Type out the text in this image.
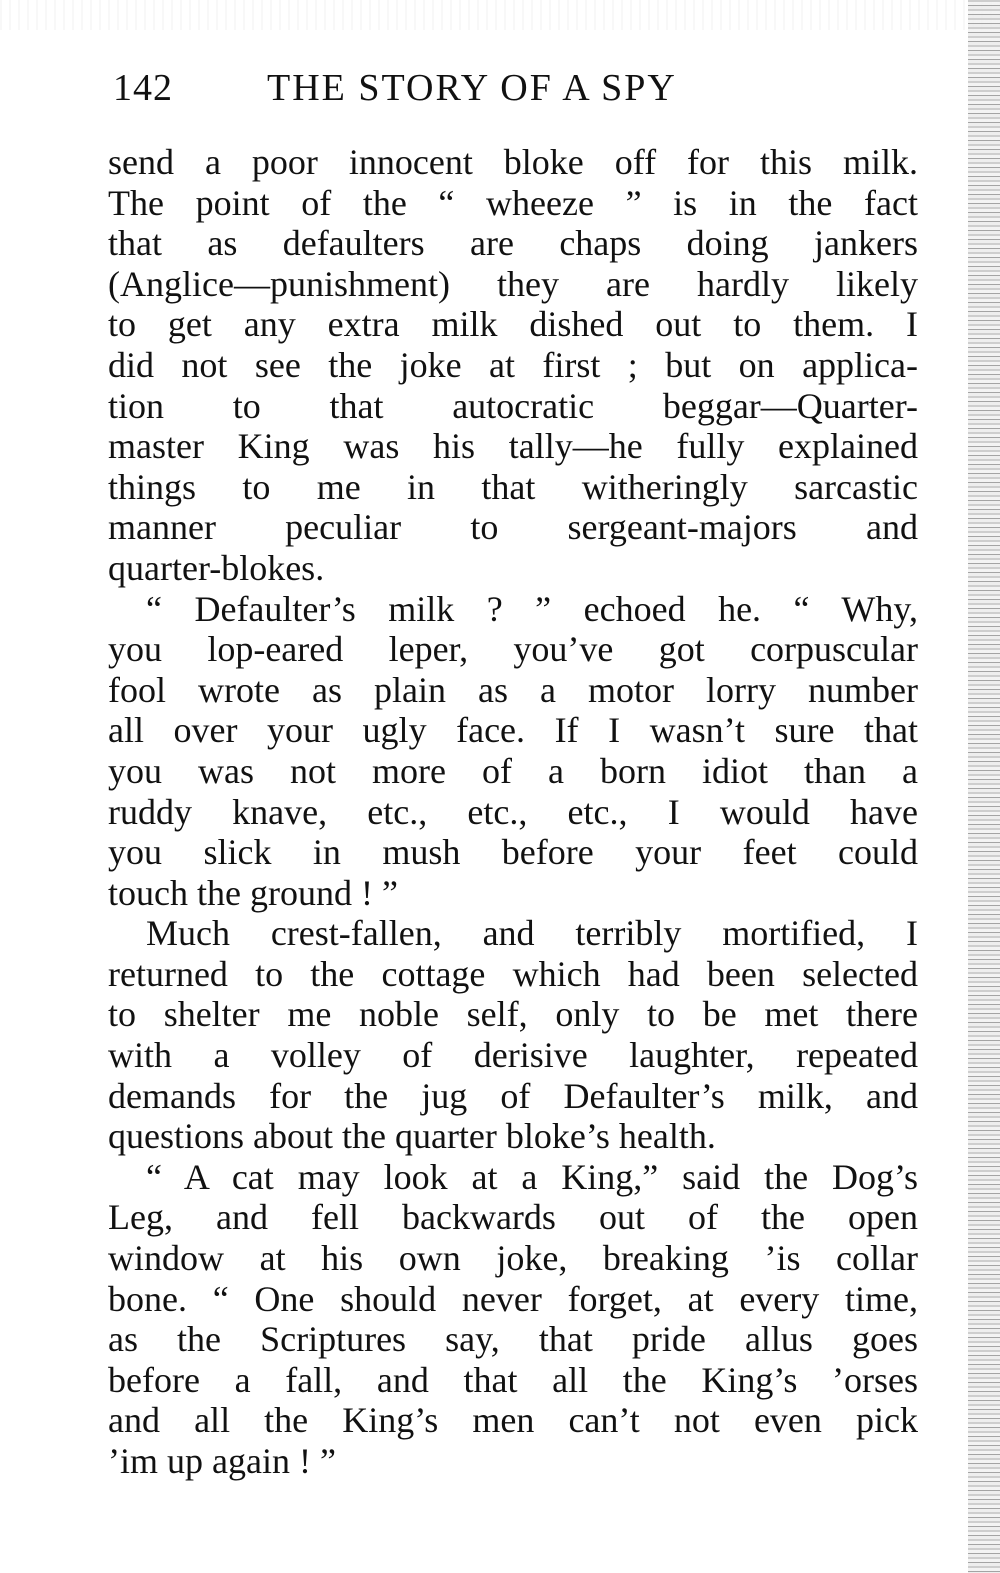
142 THE STORY OF A SPY
send a poor innocent bloke off for this milk.
The point of the “ wheeze ” is in the fact
that as defaulters are chaps doing jankers
(Anglice—punishment) they are hardly likely
to get any extra milk dished out to them. I
did not see the joke at first ; but on applica-
tion to that autocratic beggar—Quarter-
master King was his tally—he fully explained
things to me in that witheringly sarcastic
manner peculiar to sergeant-majors and
quarter-blokes.
“ Defaulter’s milk ? ” echoed he. “ Why,
you lop-eared leper, you’ve got corpuscular
fool wrote as plain as a motor lorry number
all over your ugly face. If I wasn’t sure that
you was not more of a born idiot than a
ruddy knave, etc., etc., etc., I would have
you slick in mush before your feet could
touch the ground ! ”
Much crest-fallen, and terribly mortified, I
returned to the cottage which had been selected
to shelter me noble self, only to be met there
with a volley of derisive laughter, repeated
demands for the jug of Defaulter’s milk, and
questions about the quarter bloke’s health.
“ A cat may look at a King,” said the Dog’s
Leg, and fell backwards out of the open
window at his own joke, breaking ’is collar
bone. “ One should never forget, at every time,
as the Scriptures say, that pride allus goes
before a fall, and that all the King’s ’orses
and all the King’s men can’t not even pick
’im up again ! ”
